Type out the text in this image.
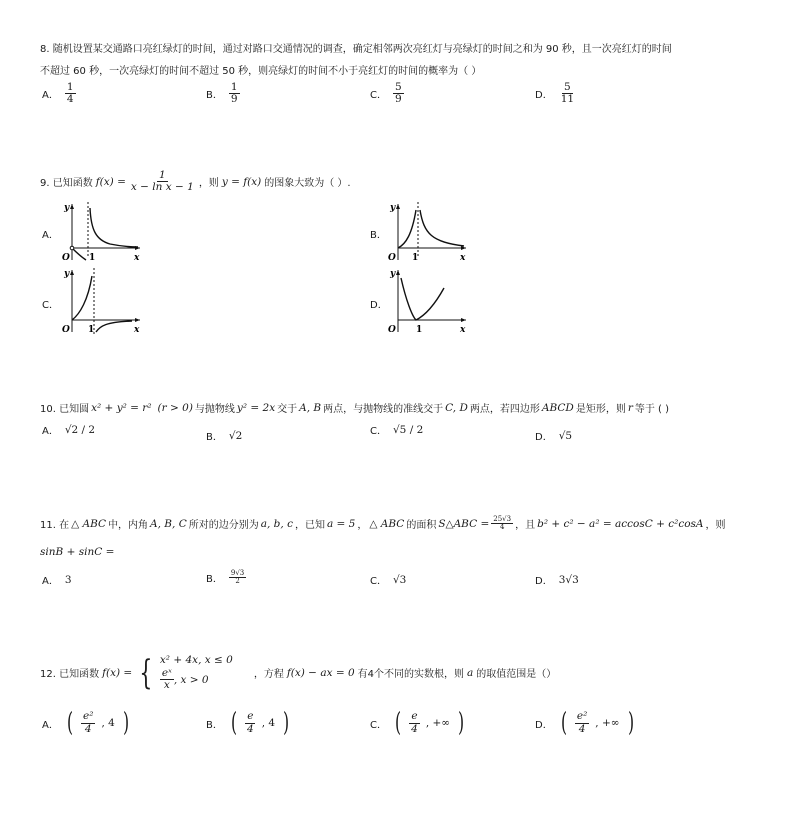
8. 随机设置某交通路口亮红绿灯的时间，通过对路口交通情况的调查，确定相邻两次亮红灯与亮绿灯的时间之和为 90 秒，且一次亮红灯的时间
不超过 60 秒，一次亮绿灯的时间不超过 50 秒，则亮绿灯的时间不小于亮红灯的时间的概率为（ ）
A． $\frac{1}{4}$	B． $\frac{1}{9}$	C． $\frac{5}{9}$	D． $\frac{5}{11}$
9. 已知函数 $f(x) = \frac{1}{\text{x − ln x − 1}}$ ，则 y = f(x) 的图象大致为（ ）.
A．
y
x
O 1
B．
y
x
O 1
C．
y
x
O 1
D．
y
x
O 1
10. 已知圆 x² + y² = r² (r > 0) 与抛物线 y² = 2x 交于 A, B 两点，与抛物线的准线交于 C, D 两点，若四边形 ABCD 是矩形，则 r 等于 ( )
A． √2 / 2
B． √2	C． √5 / 2
D． √5
11. 在 △ ABC 中，内角 A, B, C 所对的边分别为 a, b, c ，已知 a = 5 ， △ ABC 的面积 S△ABC = $\frac{25√3}{4}$ ，且 b² + c² − a² = accosC + c²cosA ，则
sinB + sinC =
A． 3	B． $\frac{9√3}{2}$	C． √3	D． 3√3
12. 已知函数 f(x) = { x² + 4x, x ≤ 0
$\frac{\text{eˣ}}{x}$ , x > 0	，方程 f(x) − ax = 0 有4个不同的实数根，则 a 的取值范围是（）
A． ( $\frac{\text{e²}}{4}$ , 4 )	B． ( $\frac{e}{4}$ , 4 )	C． ( $\frac{e}{4}$ , +∞ )	D． ( $\frac{\text{e²}}{4}$ , +∞ )
